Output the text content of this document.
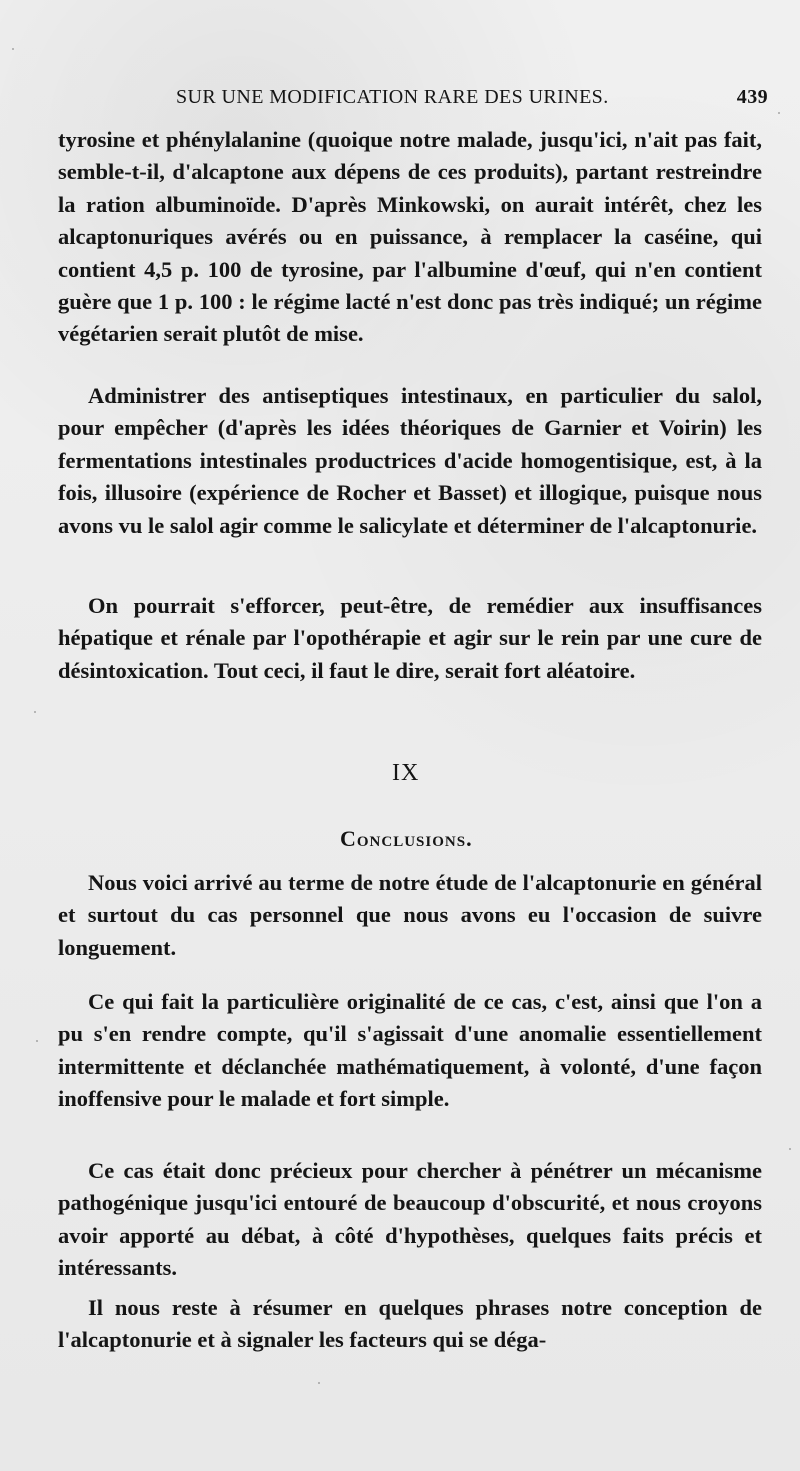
SUR UNE MODIFICATION RARE DES URINES.	439
tyrosine et phénylalanine (quoique notre malade, jusqu'ici, n'ait pas fait, semble-t-il, d'alcaptone aux dépens de ces produits), partant restreindre la ration albuminoïde. D'après Minkowski, on aurait intérêt, chez les alcaptonuriques avérés ou en puissance, à remplacer la caséine, qui contient 4,5 p. 100 de tyrosine, par l'albumine d'œuf, qui n'en contient guère que 1 p. 100 : le régime lacté n'est donc pas très indiqué; un régime végétarien serait plutôt de mise.
Administrer des antiseptiques intestinaux, en particulier du salol, pour empêcher (d'après les idées théoriques de Garnier et Voirin) les fermentations intestinales productrices d'acide homogentisique, est, à la fois, illusoire (expérience de Rocher et Basset) et illogique, puisque nous avons vu le salol agir comme le salicylate et déterminer de l'alcaptonurie.
On pourrait s'efforcer, peut-être, de remédier aux insuffisances hépatique et rénale par l'opothérapie et agir sur le rein par une cure de désintoxication. Tout ceci, il faut le dire, serait fort aléatoire.
IX
Conclusions.
Nous voici arrivé au terme de notre étude de l'alcaptonurie en général et surtout du cas personnel que nous avons eu l'occasion de suivre longuement.
Ce qui fait la particulière originalité de ce cas, c'est, ainsi que l'on a pu s'en rendre compte, qu'il s'agissait d'une anomalie essentiellement intermittente et déclanchée mathématiquement, à volonté, d'une façon inoffensive pour le malade et fort simple.
Ce cas était donc précieux pour chercher à pénétrer un mécanisme pathogénique jusqu'ici entouré de beaucoup d'obscurité, et nous croyons avoir apporté au débat, à côté d'hypothèses, quelques faits précis et intéressants.
Il nous reste à résumer en quelques phrases notre conception de l'alcaptonurie et à signaler les facteurs qui se déga-
